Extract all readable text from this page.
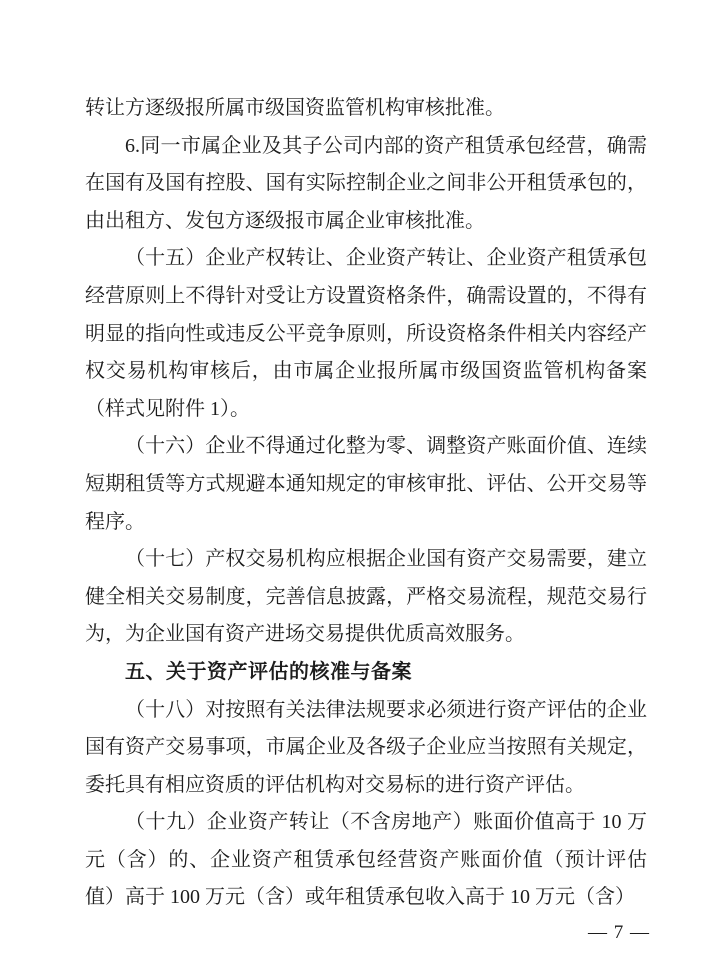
转让方逐级报所属市级国资监管机构审核批准。

6.同一市属企业及其子公司内部的资产租赁承包经营，确需在国有及国有控股、国有实际控制企业之间非公开租赁承包的，由出租方、发包方逐级报市属企业审核批准。

（十五）企业产权转让、企业资产转让、企业资产租赁承包经营原则上不得针对受让方设置资格条件，确需设置的，不得有明显的指向性或违反公平竞争原则，所设资格条件相关内容经产权交易机构审核后，由市属企业报所属市级国资监管机构备案（样式见附件 1）。

（十六）企业不得通过化整为零、调整资产账面价值、连续短期租赁等方式规避本通知规定的审核审批、评估、公开交易等程序。

（十七）产权交易机构应根据企业国有资产交易需要，建立健全相关交易制度，完善信息披露，严格交易流程，规范交易行为，为企业国有资产进场交易提供优质高效服务。

五、关于资产评估的核准与备案

（十八）对按照有关法律法规要求必须进行资产评估的企业国有资产交易事项，市属企业及各级子企业应当按照有关规定，委托具有相应资质的评估机构对交易标的进行资产评估。

（十九）企业资产转让（不含房地产）账面价值高于 10 万元（含）的、企业资产租赁承包经营资产账面价值（预计评估值）高于 100 万元（含）或年租赁承包收入高于 10 万元（含）

— 7 —
